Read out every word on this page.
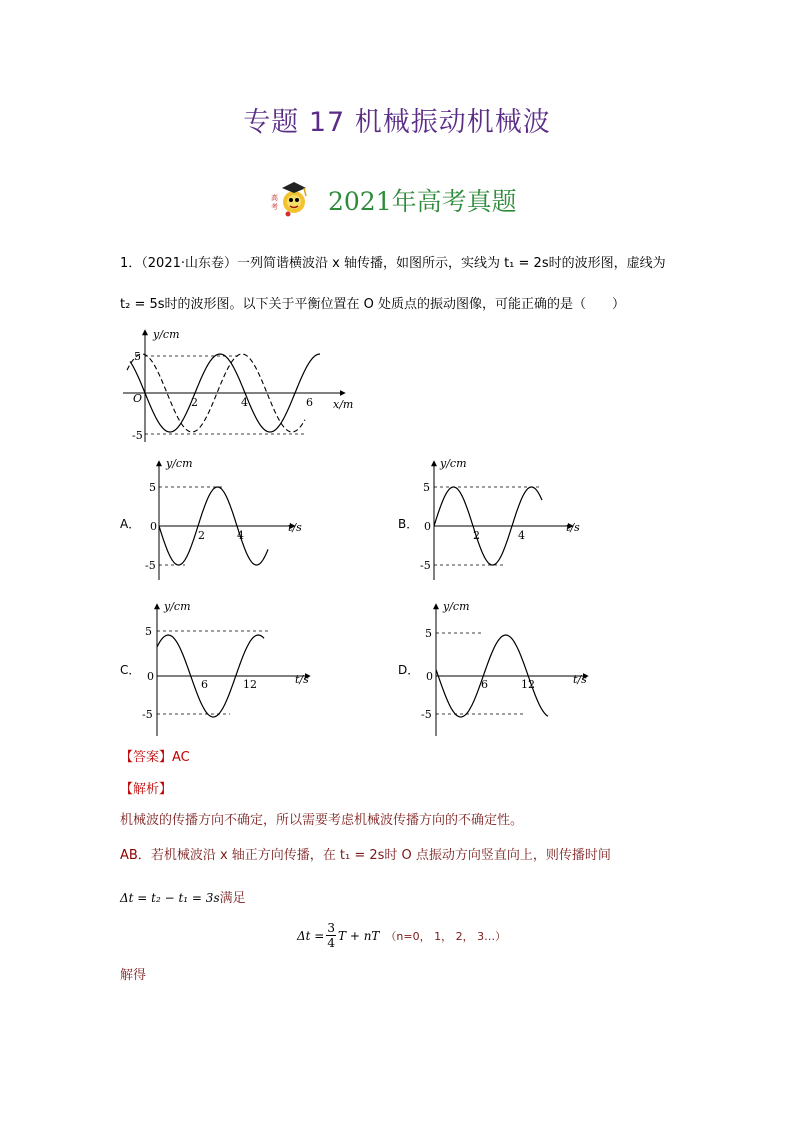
专题 17 机械振动机械波
高
考 2021年高考真题
1．（2021·山东卷）一列简谐横波沿 x 轴传播，如图所示，实线为 t₁ = 2s时的波形图，虚线为
t₂ = 5s时的波形图。以下关于平衡位置在 O 处质点的振动图像，可能正确的是（　　）
y/cm
x/m
O	2	4	6
5
-5
A．
y/cm
t/s
0
2	4
5
-5
B．
y/cm
t/s
0
2	4
5
-5
C．
y/cm
t/s
0
6	12
5
-5
D．
y/cm
t/s
0
6	12
5
-5
【答案】AC
【解析】
机械波的传播方向不确定，所以需要考虑机械波传播方向的不确定性。
AB．若机械波沿 x 轴正方向传播，在 t₁ = 2s时 O 点振动方向竖直向上，则传播时间
Δt = t₂ − t₁ = 3s满足
$\Delta t = \frac{3}{4}$ T + nT （n=0， 1， 2， 3…）
解得
